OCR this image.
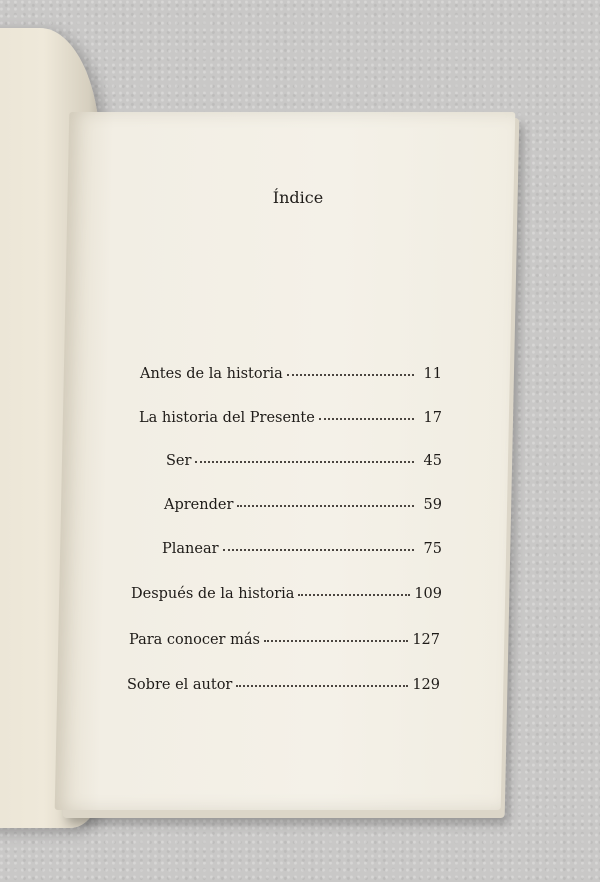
Índice
Antes de la historia	11
La historia del Presente	17
Ser	45
Aprender	59
Planear	75
Después de la historia	109
Para conocer más	127
Sobre el autor	129
